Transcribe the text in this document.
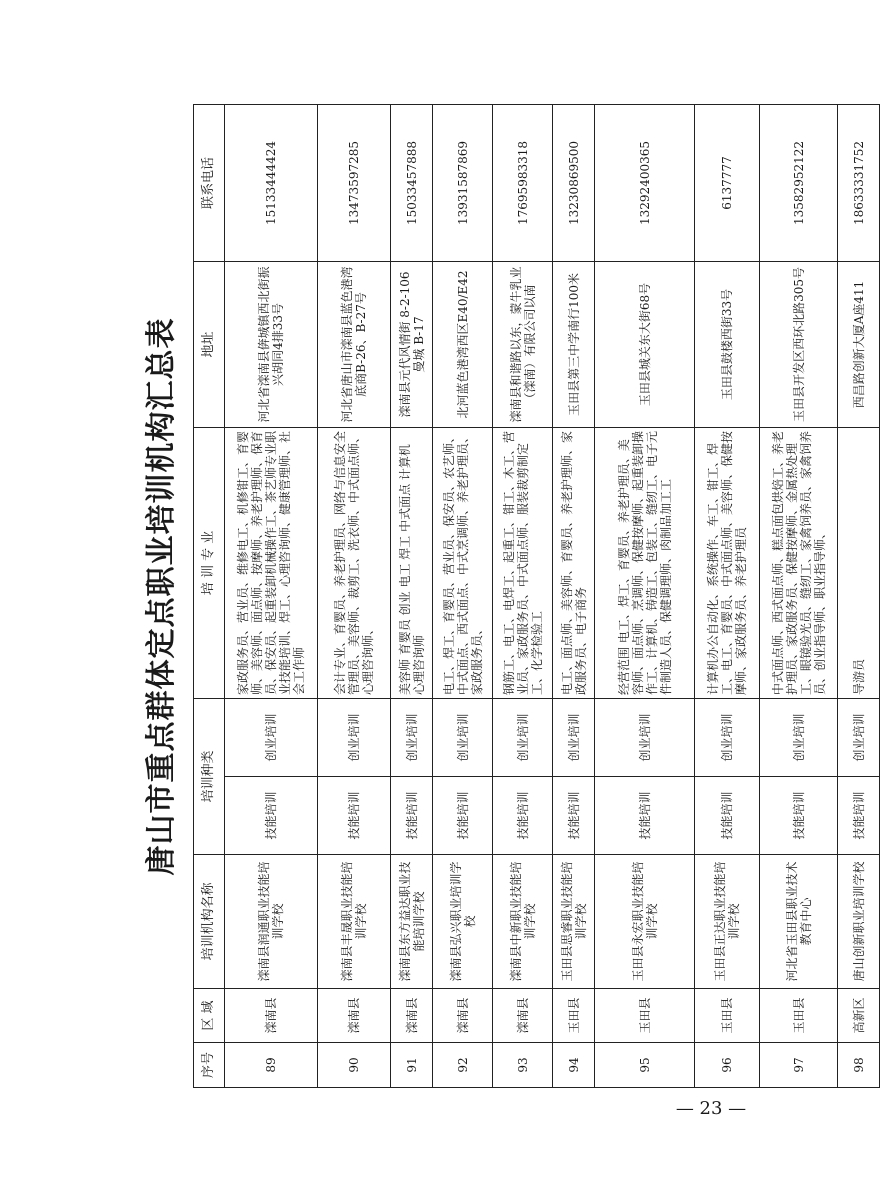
唐山市重点群体定点职业培训机构汇总表
序号	区 域	培训机构名称	培训种类		培 训 专 业	地址	联系电话
89	滦南县	滦南县润通职业技能培训学校	技能培训	创业培训	家政服务员、营业员、维修电工、机修钳工、育婴师、美容师、面点师、按摩师、养老护理师、保育员、保安员、起重装卸机械操作工、茶艺师专业职业技能培训、焊工、心理咨询师、健康管理师、社会工作师	河北省滦南县倴城镇西北街振兴胡同4排33号	15133444424
90	滦南县	滦南县丰晟职业技能培训学校	技能培训	创业培训	会计专业、育婴员、养老护理员、网络与信息安全管理员、美容师、裁剪工、洗衣师、中式面点师、心理咨询师、	河北省唐山市滦南县蓝色港湾底商B-26、B-27号	13473597285
91	滦南县	滦南县东方益达职业技能培训学校	技能培训	创业培训	美容师 育婴员 创业 电工 焊工 中式面点 计算机 心理咨询师	滦南县元代风情街 8-2-106 曼城 B-17	15033457888
92	滦南县	滦南县弘兴职业培训学校	技能培训	创业培训	电工、焊工、育婴员、营业员、保安员、农艺师、中式面点、西式面点、中式烹调师、养老护理员、家政服务员、	北河蓝色港湾西区E40/E42	13931587869
93	滦南县	滦南县中新职业技能培训学校	技能培训	创业培训	钢筋工、电工、电焊工、起重工、钳工、木工、营业员、家政服务员、中式面点师、服装裁剪制定工、化学检验工	滦南县和谐路以东，蒙牛乳业（滦南）有限公司以南	17695983318
94	玉田县	玉田县思睿职业技能培训学校	技能培训	创业培训	电工、面点师、美容师、育婴员、养老护理师、家政服务员、电子商务	玉田县第三中学南行100米	13230869500
95	玉田县	玉田县永宏职业技能培训学校	技能培训	创业培训	经营范围 电工、焊工、育婴员、养老护理员、美容师、面点师、烹调师、保健按摩师、起重装卸操作工、计算机、铸造工、包装工、缝纫工、电子元件制造人员、保健调理师、肉制品加工工	玉田县城关东大街68号	13292400365
96	玉田县	玉田县正达职业技能培训学校	技能培训	创业培训	计算机办公自动化、系统操作、车工、钳工、焊工、电工、育婴员、中式面点师、美容师、保健按摩师、家政服务员、养老护理员	玉田县鼓楼西街33号	6137777
97	玉田县	河北省玉田县职业技术教育中心	技能培训	创业培训	中式面点师、西式面点师、糕点面包烘焙工、养老护理员、家政服务员、保健按摩师、金属热处理工、眼镜验光员、缝纫工、家禽饲养员、家禽饲养员、创业指导师、职业指导师、	玉田县开发区西环北路305号	13582952122
98	高新区	唐山创新职业培训学校	技能培训	创业培训	导游员	西昌路创新大厦A座411	18633331752
— 23 —
